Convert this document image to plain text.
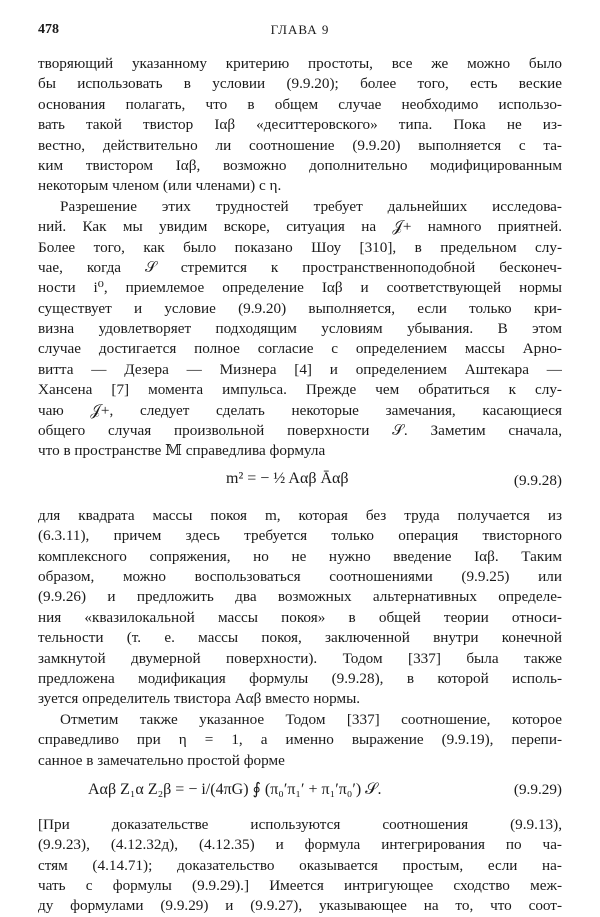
478	ГЛАВА 9
творяющий указанному критерию простоты, все же можно было
бы использовать в условии (9.9.20); более того, есть веские
основания полагать, что в общем случае необходимо использо-
вать такой твистор Iαβ «деситтеровского» типа. Пока не из-
вестно, действительно ли соотношение (9.9.20) выполняется с та-
ким твистором Iαβ, возможно дополнительно модифицированным
некоторым членом (или членами) с η.
Разрешение этих трудностей требует дальнейших исследова-
ний. Как мы увидим вскоре, ситуация на 𝒥+ намного приятней.
Более того, как было показано Шоу [310], в предельном слу-
чае, когда 𝒮 стремится к пространственноподобной бесконеч-
ности i⁰, приемлемое определение Iαβ и соответствующей нормы
существует и условие (9.9.20) выполняется, если только кри-
визна удовлетворяет подходящим условиям убывания. В этом
случае достигается полное согласие с определением массы Арно-
витта — Дезера — Мизнера [4] и определением Аштекара —
Хансена [7] момента импульса. Прежде чем обратиться к слу-
чаю 𝒥+, следует сделать некоторые замечания, касающиеся
общего случая произвольной поверхности 𝒮. Заметим сначала,
что в пространстве 𝕄 справедлива формула
m² = − ½ Aαβ Āαβ	(9.9.28)
для квадрата массы покоя m, которая без труда получается из
(6.3.11), причем здесь требуется только операция твисторного
комплексного сопряжения, но не нужно введение Iαβ. Таким
образом, можно воспользоваться соотношениями (9.9.25) или
(9.9.26) и предложить два возможных альтернативных определе-
ния «квазилокальной массы покоя» в общей теории относи-
тельности (т. е. массы покоя, заключенной внутри конечной
замкнутой двумерной поверхности). Тодом [337] была также
предложена модификация формулы (9.9.28), в которой исполь-
зуется определитель твистора Aαβ вместо нормы.
Отметим также указанное Тодом [337] соотношение, которое
справедливо при η = 1, а именно выражение (9.9.19), перепи-
санное в замечательно простой форме
Aαβ Z₁α Z₂β = − i/(4πG) ∮ (π₀′π₁′ + π₁′π₀′) 𝒮.	(9.9.29)
[При доказательстве используются соотношения (9.9.13),
(9.9.23), (4.12.32д), (4.12.35) и формула интегрирования по ча-
стям (4.14.71); доказательство оказывается простым, если на-
чать с формулы (9.9.29).] Имеется интригующее сходство меж-
ду формулами (9.9.29) и (9.9.27), указывающее на то, что соот-
